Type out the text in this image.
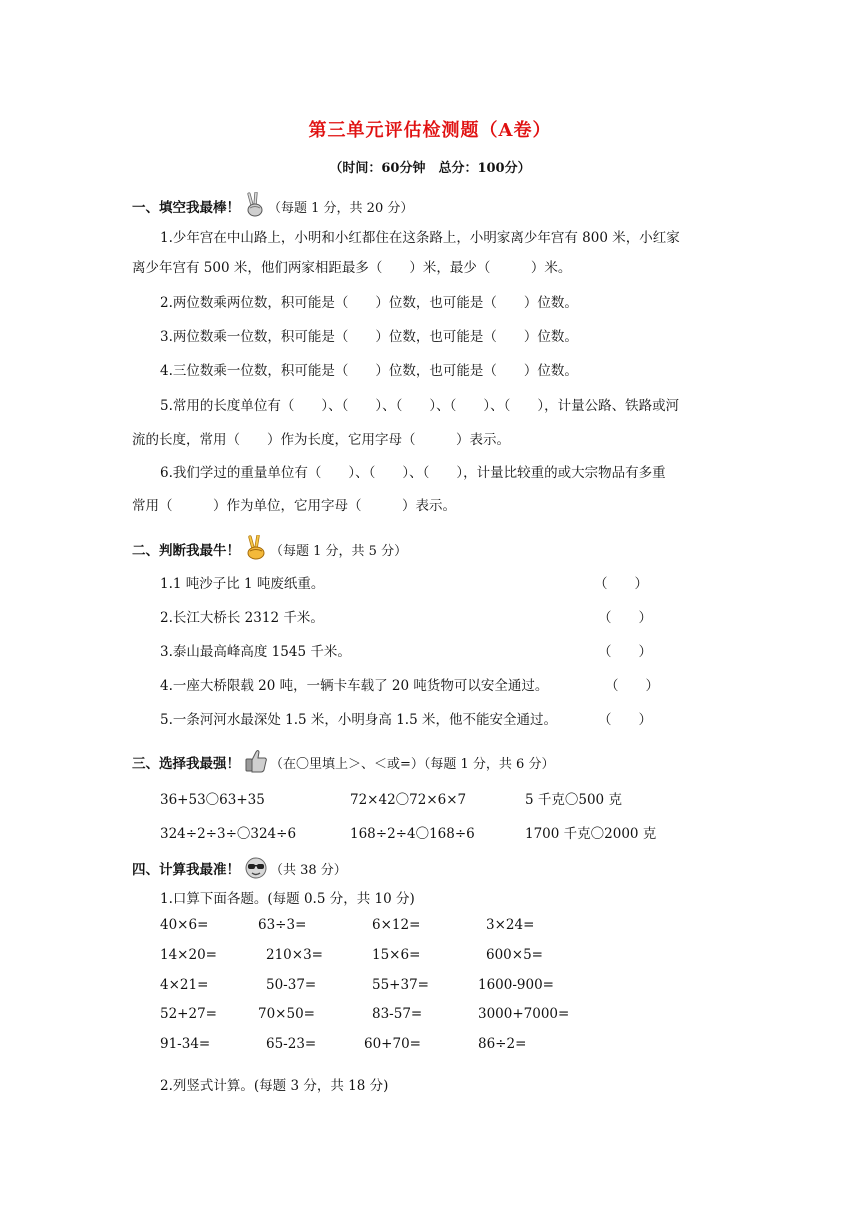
第三单元评估检测题（A卷）
（时间：60分钟　总分：100分）
一、填空我最棒！ （每题 1 分，共 20 分）
1.少年宫在中山路上，小明和小红都住在这条路上，小明家离少年宫有 800 米，小红家
离少年宫有 500 米，他们两家相距最多（　　）米，最少（　　　）米。
2.两位数乘两位数，积可能是（　　）位数，也可能是（　　）位数。
3.两位数乘一位数，积可能是（　　）位数，也可能是（　　）位数。
4.三位数乘一位数，积可能是（　　）位数，也可能是（　　）位数。
5.常用的长度单位有（　　）、（　　）、（　　）、（　　）、（　　），计量公路、铁路或河
流的长度，常用（　　）作为长度，它用字母（　　　）表示。
6.我们学过的重量单位有（　　）、（　　）、（　　），计量比较重的或大宗物品有多重
常用（　　　）作为单位，它用字母（　　　）表示。
二、判断我最牛！ （每题 1 分，共 5 分）
1.1 吨沙子比 1 吨废纸重。	（　　）
2.长江大桥长 2312 千米。	（　　）
3.泰山最高峰高度 1545 千米。	（　　）
4.一座大桥限载 20 吨，一辆卡车载了 20 吨货物可以安全通过。	（　　）
5.一条河河水最深处 1.5 米，小明身高 1.5 米，他不能安全通过。	（　　）
三、选择我最强！ （在〇里填上＞、＜或=）（每题 1 分，共 6 分）
36+53〇63+35	72×42〇72×6×7	5 千克〇500 克
324÷2÷3÷〇324÷6	168÷2÷4〇168÷6	1700 千克〇2000 克
四、计算我最准！ （共 38 分）
1.口算下面各题。(每题 0.5 分，共 10 分)
40×6=	63÷3=	6×12=	3×24=
14×20=	210×3=	15×6=	600×5=
4×21=	50-37=	55+37=	1600-900=
52+27=	70×50=	83-57=	3000+7000=
91-34=	65-23=	60+70=	86÷2=
2.列竖式计算。(每题 3 分，共 18 分)
